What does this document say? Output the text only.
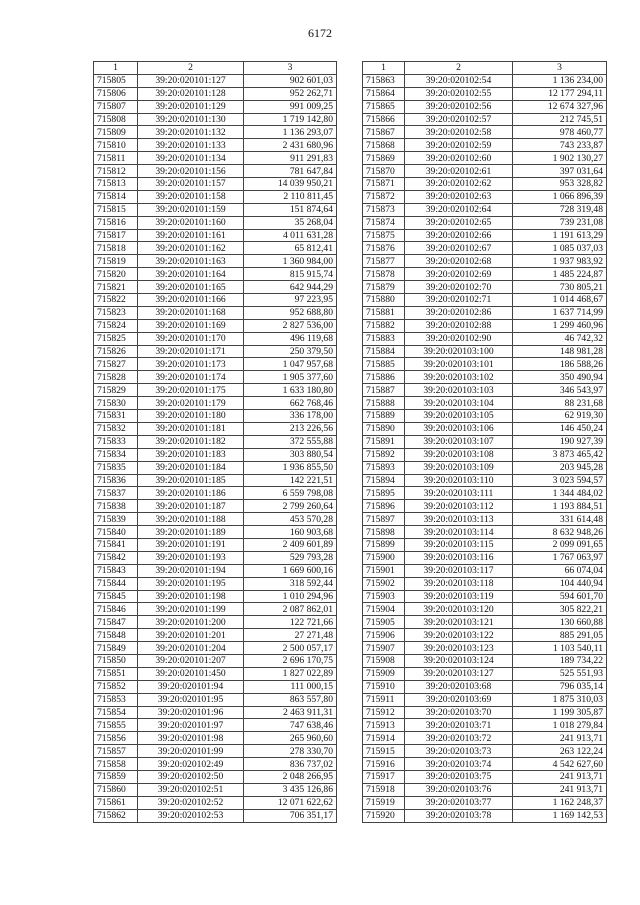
6172
1	2	3
715805	39:20:020101:127	902 601,03
715806	39:20:020101:128	952 262,71
715807	39:20:020101:129	991 009,25
715808	39:20:020101:130	1 719 142,80
715809	39:20:020101:132	1 136 293,07
715810	39:20:020101:133	2 431 680,96
715811	39:20:020101:134	911 291,83
715812	39:20:020101:156	781 647,84
715813	39:20:020101:157	14 039 950,21
715814	39:20:020101:158	2 110 811,45
715815	39:20:020101:159	151 874,64
715816	39:20:020101:160	35 268,04
715817	39:20:020101:161	4 011 631,28
715818	39:20:020101:162	65 812,41
715819	39:20:020101:163	1 360 984,00
715820	39:20:020101:164	815 915,74
715821	39:20:020101:165	642 944,29
715822	39:20:020101:166	97 223,95
715823	39:20:020101:168	952 688,80
715824	39:20:020101:169	2 827 536,00
715825	39:20:020101:170	496 119,68
715826	39:20:020101:171	250 379,50
715827	39:20:020101:173	1 047 957,68
715828	39:20:020101:174	1 905 377,60
715829	39:20:020101:175	1 633 180,80
715830	39:20:020101:179	662 768,46
715831	39:20:020101:180	336 178,00
715832	39:20:020101:181	213 226,56
715833	39:20:020101:182	372 555,88
715834	39:20:020101:183	303 880,54
715835	39:20:020101:184	1 936 855,50
715836	39:20:020101:185	142 221,51
715837	39:20:020101:186	6 559 798,08
715838	39:20:020101:187	2 799 260,64
715839	39:20:020101:188	453 570,28
715840	39:20:020101:189	160 903,68
715841	39:20:020101:191	2 409 601,89
715842	39:20:020101:193	529 793,28
715843	39:20:020101:194	1 669 600,16
715844	39:20:020101:195	318 592,44
715845	39:20:020101:198	1 010 294,96
715846	39:20:020101:199	2 087 862,01
715847	39:20:020101:200	122 721,66
715848	39:20:020101:201	27 271,48
715849	39:20:020101:204	2 500 057,17
715850	39:20:020101:207	2 696 170,75
715851	39:20:020101:450	1 827 022,89
715852	39:20:020101:94	111 000,15
715853	39:20:020101:95	863 557,80
715854	39:20:020101:96	2 463 911,31
715855	39:20:020101:97	747 638,46
715856	39:20:020101:98	265 960,60
715857	39:20:020101:99	278 330,70
715858	39:20:020102:49	836 737,02
715859	39:20:020102:50	2 048 266,95
715860	39:20:020102:51	3 435 126,86
715861	39:20:020102:52	12 071 622,62
715862	39:20:020102:53	706 351,17
1	2	3
715863	39:20:020102:54	1 136 234,00
715864	39:20:020102:55	12 177 294,11
715865	39:20:020102:56	12 674 327,96
715866	39:20:020102:57	212 745,51
715867	39:20:020102:58	978 460,77
715868	39:20:020102:59	743 233,87
715869	39:20:020102:60	1 902 130,27
715870	39:20:020102:61	397 031,64
715871	39:20:020102:62	953 328,82
715872	39:20:020102:63	1 066 896,39
715873	39:20:020102:64	728 319,48
715874	39:20:020102:65	739 231,08
715875	39:20:020102:66	1 191 613,29
715876	39:20:020102:67	1 085 037,03
715877	39:20:020102:68	1 937 983,92
715878	39:20:020102:69	1 485 224,87
715879	39:20:020102:70	730 805,21
715880	39:20:020102:71	1 014 468,67
715881	39:20:020102:86	1 637 714,99
715882	39:20:020102:88	1 299 460,96
715883	39:20:020102:90	46 742,32
715884	39:20:020103:100	148 981,28
715885	39:20:020103:101	186 588,26
715886	39:20:020103:102	350 490,94
715887	39:20:020103:103	346 543,97
715888	39:20:020103:104	88 231,68
715889	39:20:020103:105	62 919,30
715890	39:20:020103:106	146 450,24
715891	39:20:020103:107	190 927,39
715892	39:20:020103:108	3 873 465,42
715893	39:20:020103:109	203 945,28
715894	39:20:020103:110	3 023 594,57
715895	39:20:020103:111	1 344 484,02
715896	39:20:020103:112	1 193 884,51
715897	39:20:020103:113	331 614,48
715898	39:20:020103:114	8 632 948,26
715899	39:20:020103:115	2 099 091,65
715900	39:20:020103:116	1 767 063,97
715901	39:20:020103:117	66 074,04
715902	39:20:020103:118	104 440,94
715903	39:20:020103:119	594 601,70
715904	39:20:020103:120	305 822,21
715905	39:20:020103:121	130 660,88
715906	39:20:020103:122	885 291,05
715907	39:20:020103:123	1 103 540,11
715908	39:20:020103:124	189 734,22
715909	39:20:020103:127	525 551,93
715910	39:20:020103:68	796 035,14
715911	39:20:020103:69	1 875 310,03
715912	39:20:020103:70	1 199 305,87
715913	39:20:020103:71	1 018 279,84
715914	39:20:020103:72	241 913,71
715915	39:20:020103:73	263 122,24
715916	39:20:020103:74	4 542 627,60
715917	39:20:020103:75	241 913,71
715918	39:20:020103:76	241 913,71
715919	39:20:020103:77	1 162 248,37
715920	39:20:020103:78	1 169 142,53
